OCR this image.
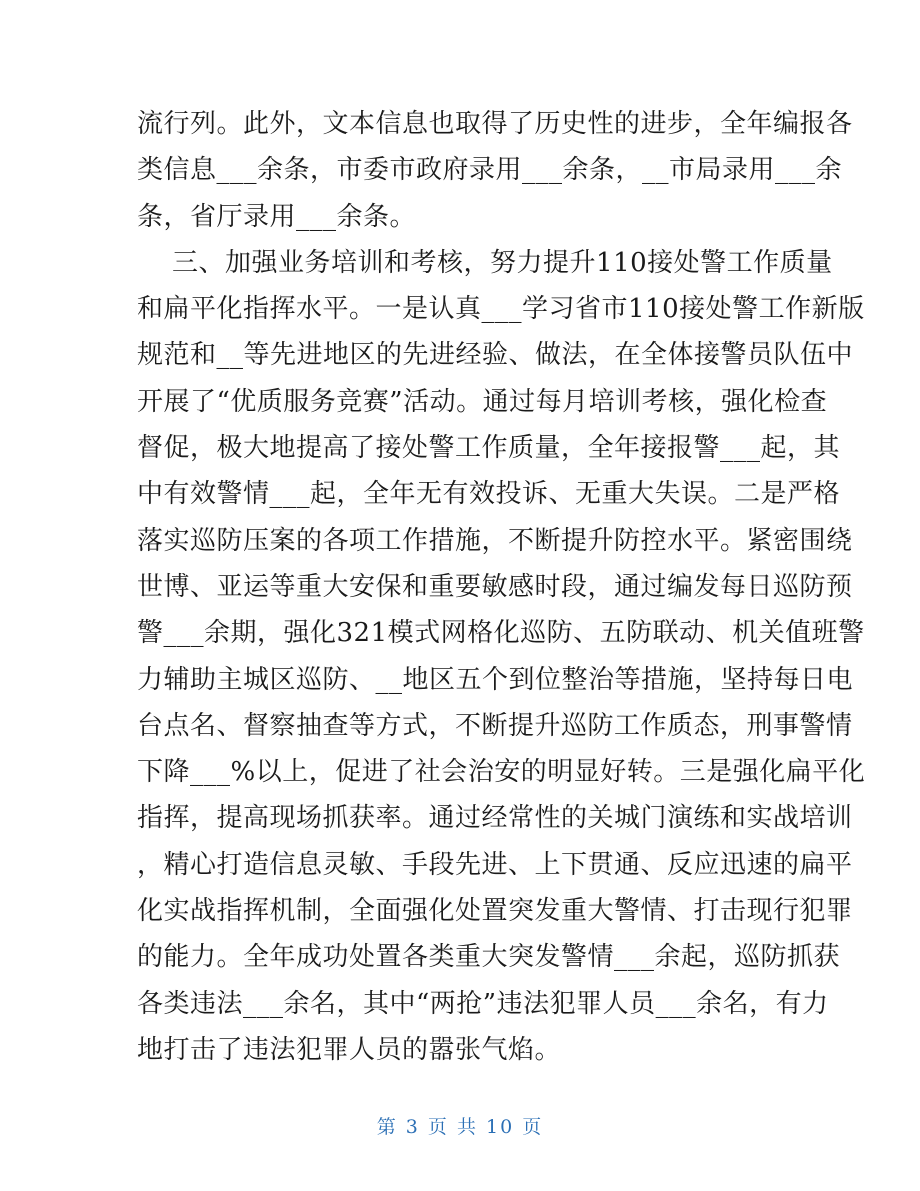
流行列。此外，文本信息也取得了历史性的进步，全年编报各
类信息___余条，市委市政府录用___余条，__市局录用___余
条，省厅录用___余条。
三、加强业务培训和考核，努力提升110接处警工作质量
和扁平化指挥水平。一是认真___学习省市110接处警工作新版
规范和__等先进地区的先进经验、做法，在全体接警员队伍中
开展了“优质服务竞赛”活动。通过每月培训考核，强化检查
督促，极大地提高了接处警工作质量，全年接报警___起，其
中有效警情___起，全年无有效投诉、无重大失误。二是严格
落实巡防压案的各项工作措施，不断提升防控水平。紧密围绕
世博、亚运等重大安保和重要敏感时段，通过编发每日巡防预
警___余期，强化321模式网格化巡防、五防联动、机关值班警
力辅助主城区巡防、__地区五个到位整治等措施，坚持每日电
台点名、督察抽查等方式，不断提升巡防工作质态，刑事警情
下降___%以上，促进了社会治安的明显好转。三是强化扁平化
指挥，提高现场抓获率。通过经常性的关城门演练和实战培训
，精心打造信息灵敏、手段先进、上下贯通、反应迅速的扁平
化实战指挥机制，全面强化处置突发重大警情、打击现行犯罪
的能力。全年成功处置各类重大突发警情___余起，巡防抓获
各类违法___余名，其中“两抢”违法犯罪人员___余名，有力
地打击了违法犯罪人员的嚣张气焰。
第 3 页 共 10 页
